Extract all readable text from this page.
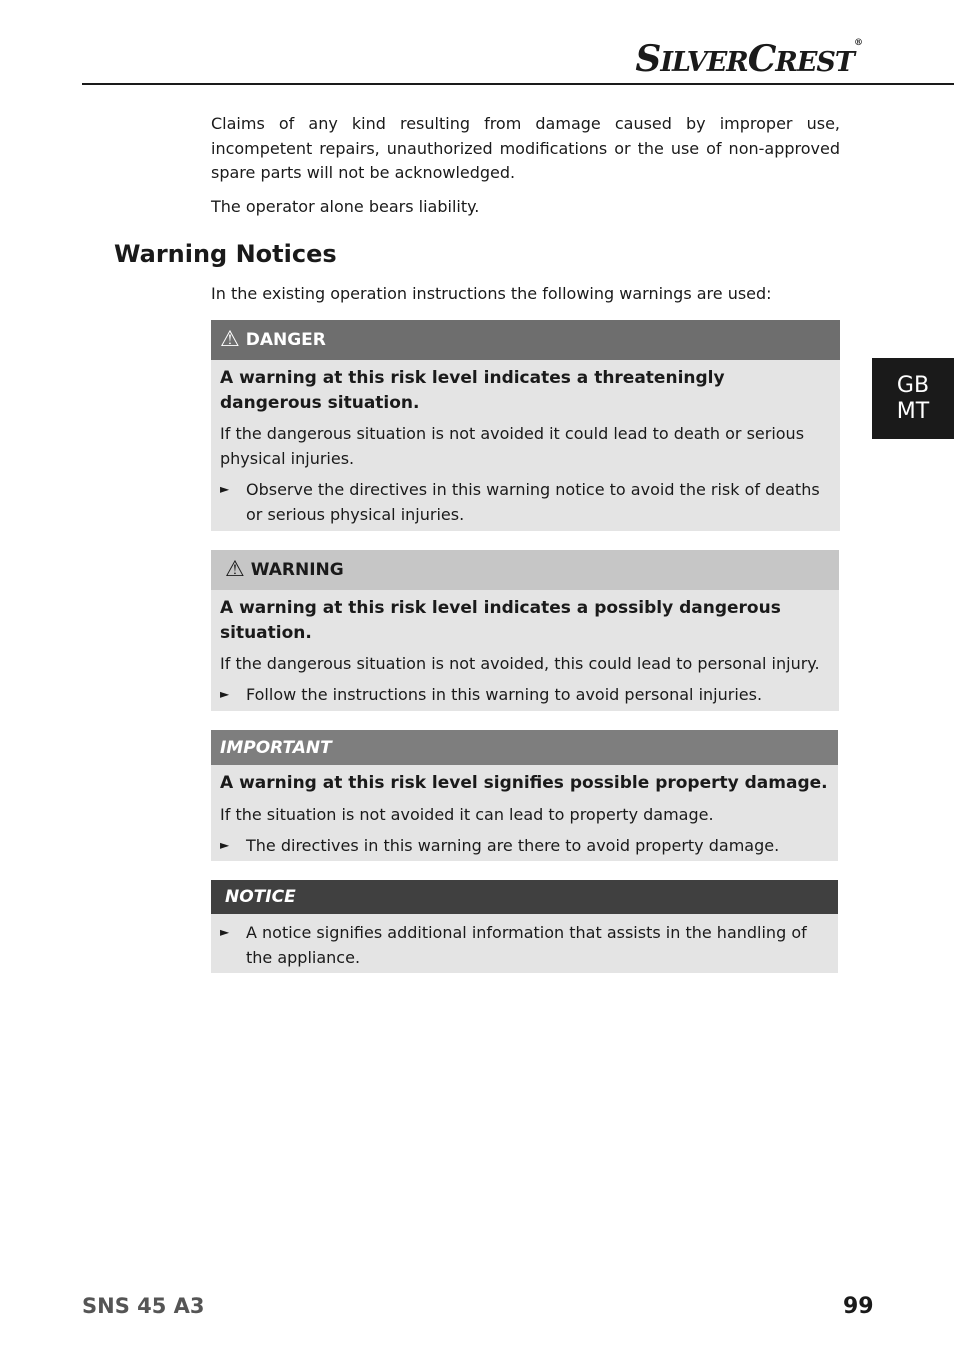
SILVERCREST®

Claims of any kind resulting from damage caused by improper use, incompetent repairs, unauthorized modifications or the use of non-approved spare parts will not be acknowledged.

The operator alone bears liability.

Warning Notices

In the existing operation instructions the following warnings are used:

⚠ DANGER

A warning at this risk level indicates a threateningly dangerous situation.

If the dangerous situation is not avoided it could lead to death or serious physical injuries.

►	Observe the directives in this warning notice to avoid the risk of deaths or serious physical injuries.
⚠ WARNING

A warning at this risk level indicates a possibly dangerous situation.

If the dangerous situation is not avoided, this could lead to personal injury.

►	Follow the instructions in this warning to avoid personal injuries.
IMPORTANT

A warning at this risk level signifies possible property damage.

If the situation is not avoided it can lead to property damage.

►	The directives in this warning are there to avoid property damage.
NOTICE
►	A notice signifies additional information that assists in the handling of the appliance.
GB
MT
SNS 45 A3	99
